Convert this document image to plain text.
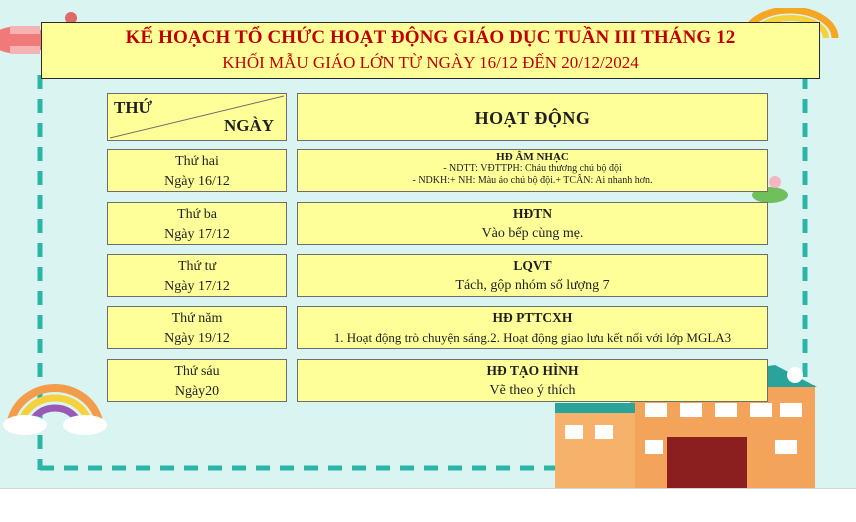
KẾ HOẠCH TỔ CHỨC HOẠT ĐỘNG GIÁO DỤC TUẦN III THÁNG 12
KHỐI MẪU GIÁO LỚN TỪ NGÀY 16/12 ĐẾN 20/12/2024
THỨ
NGÀY	HOẠT ĐỘNG
Thứ hai
Ngày 16/12
HĐ ÂM NHẠC
- NDTT: VĐTTPH: Cháu thương chú bộ đội
- NDKH:+ NH: Màu áo chú bộ đội.+ TCÂN: Ai nhanh hơn.
Thứ ba
Ngày 17/12
HĐTN
Vào bếp cùng mẹ.
Thứ tư
Ngày 17/12
LQVT
Tách, gộp nhóm số lượng 7
Thứ năm
Ngày 19/12
HĐ PTTCXH
1. Hoạt động trò chuyện sáng.2. Hoạt động giao lưu kết nối với lớp MGLA3
Thứ sáu
Ngày20
HĐ TẠO HÌNH
Vẽ theo ý thích
